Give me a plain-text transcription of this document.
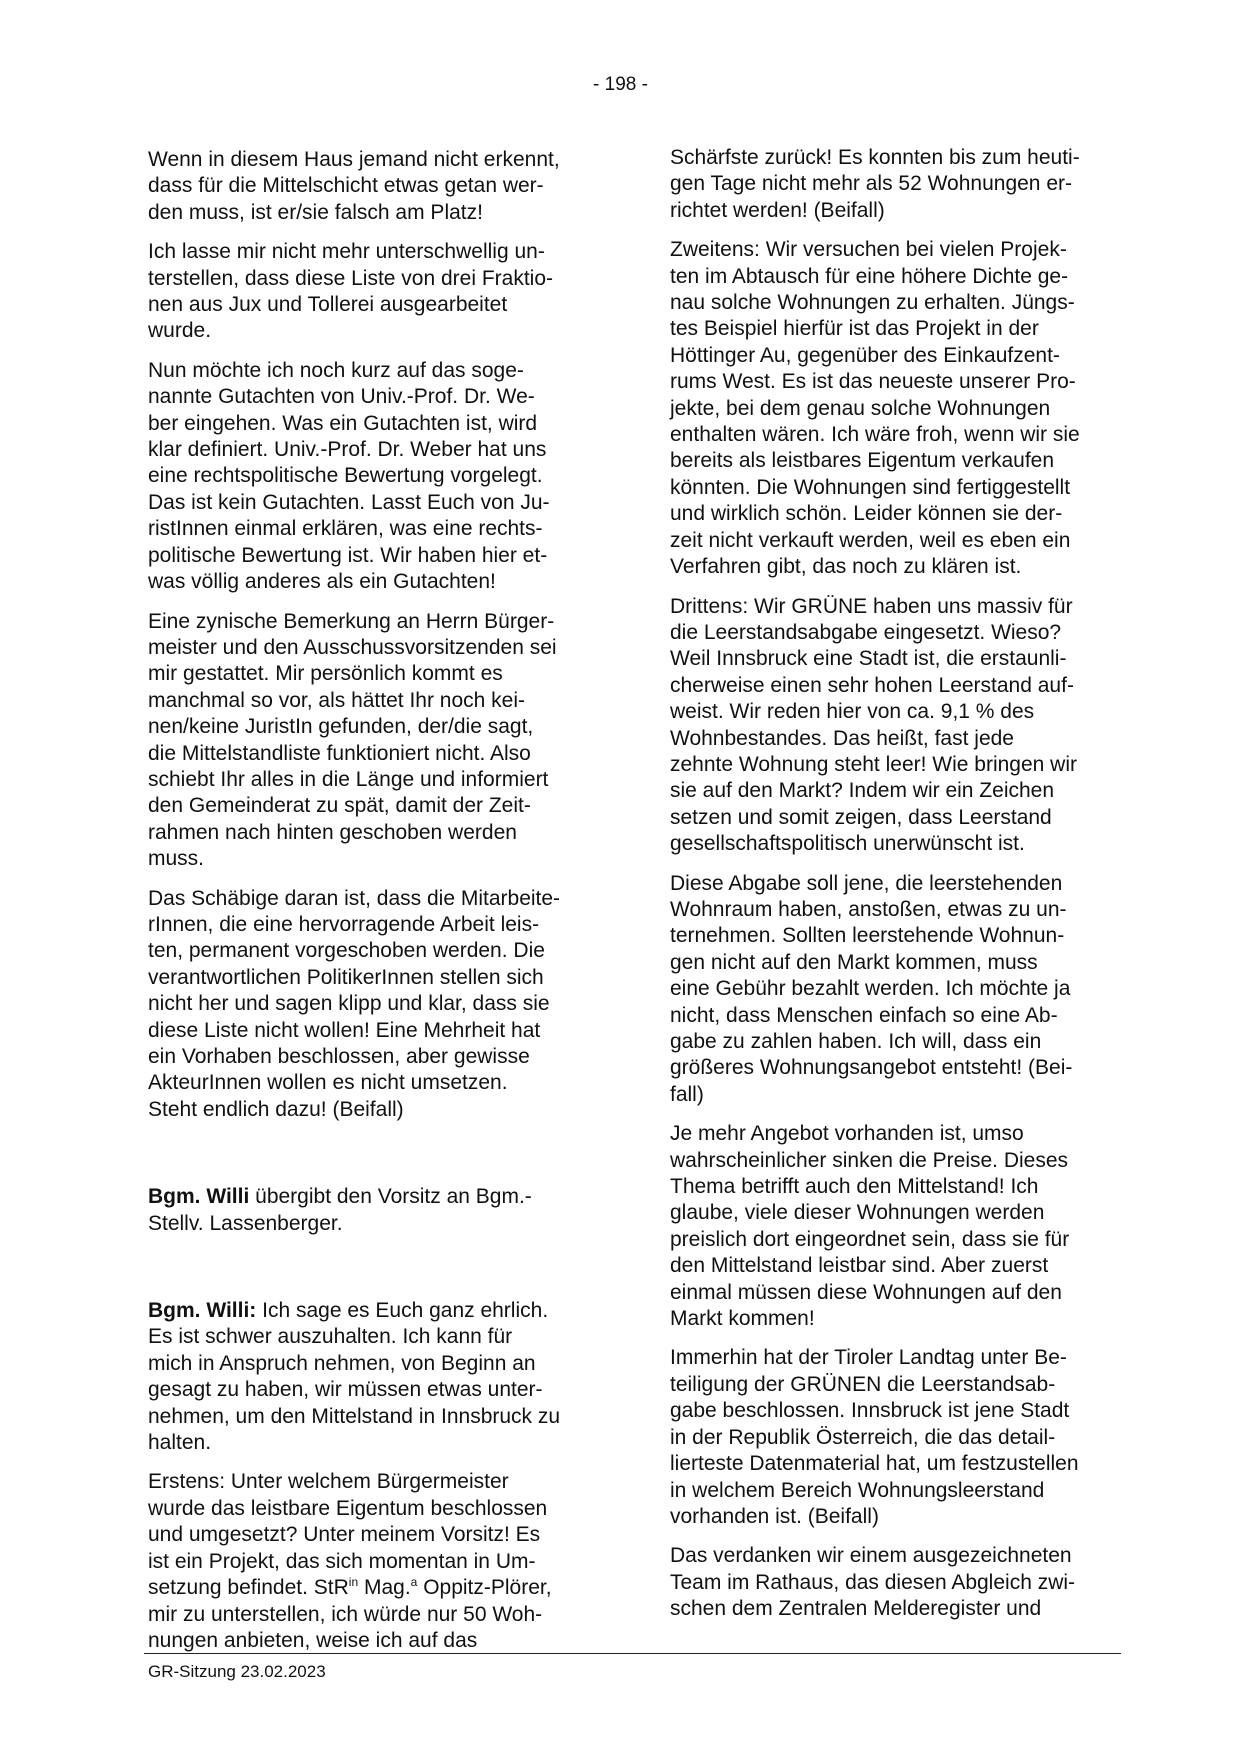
- 198 -

Wenn in diesem Haus jemand nicht erkennt,
dass für die Mittelschicht etwas getan wer-
den muss, ist er/sie falsch am Platz!

Ich lasse mir nicht mehr unterschwellig un-
terstellen, dass diese Liste von drei Fraktio-
nen aus Jux und Tollerei ausgearbeitet
wurde.

Nun möchte ich noch kurz auf das soge-
nannte Gutachten von Univ.-Prof. Dr. We-
ber eingehen. Was ein Gutachten ist, wird
klar definiert. Univ.-Prof. Dr. Weber hat uns
eine rechtspolitische Bewertung vorgelegt.
Das ist kein Gutachten. Lasst Euch von Ju-
ristInnen einmal erklären, was eine rechts-
politische Bewertung ist. Wir haben hier et-
was völlig anderes als ein Gutachten!

Eine zynische Bemerkung an Herrn Bürger-
meister und den Ausschussvorsitzenden sei
mir gestattet. Mir persönlich kommt es
manchmal so vor, als hättet Ihr noch kei-
nen/keine JuristIn gefunden, der/die sagt,
die Mittelstandliste funktioniert nicht. Also
schiebt Ihr alles in die Länge und informiert
den Gemeinderat zu spät, damit der Zeit-
rahmen nach hinten geschoben werden
muss.

Das Schäbige daran ist, dass die Mitarbeite-
rInnen, die eine hervorragende Arbeit leis-
ten, permanent vorgeschoben werden. Die
verantwortlichen PolitikerInnen stellen sich
nicht her und sagen klipp und klar, dass sie
diese Liste nicht wollen! Eine Mehrheit hat
ein Vorhaben beschlossen, aber gewisse
AkteurInnen wollen es nicht umsetzen.
Steht endlich dazu! (Beifall)

Bgm. Willi übergibt den Vorsitz an Bgm.-
Stellv. Lassenberger.

Bgm. Willi: Ich sage es Euch ganz ehrlich.
Es ist schwer auszuhalten. Ich kann für
mich in Anspruch nehmen, von Beginn an
gesagt zu haben, wir müssen etwas unter-
nehmen, um den Mittelstand in Innsbruck zu
halten.

Erstens: Unter welchem Bürgermeister
wurde das leistbare Eigentum beschlossen
und umgesetzt? Unter meinem Vorsitz! Es
ist ein Projekt, das sich momentan in Um-
setzung befindet. StR$^{in}$ Mag.$^a$ Oppitz-Plörer,
mir zu unterstellen, ich würde nur 50 Woh-
nungen anbieten, weise ich auf das

Schärfste zurück! Es konnten bis zum heuti-
gen Tage nicht mehr als 52 Wohnungen er-
richtet werden! (Beifall)

Zweitens: Wir versuchen bei vielen Projek-
ten im Abtausch für eine höhere Dichte ge-
nau solche Wohnungen zu erhalten. Jüngs-
tes Beispiel hierfür ist das Projekt in der
Höttinger Au, gegenüber des Einkaufzent-
rums West. Es ist das neueste unserer Pro-
jekte, bei dem genau solche Wohnungen
enthalten wären. Ich wäre froh, wenn wir sie
bereits als leistbares Eigentum verkaufen
könnten. Die Wohnungen sind fertiggestellt
und wirklich schön. Leider können sie der-
zeit nicht verkauft werden, weil es eben ein
Verfahren gibt, das noch zu klären ist.

Drittens: Wir GRÜNE haben uns massiv für
die Leerstandsabgabe eingesetzt. Wieso?
Weil Innsbruck eine Stadt ist, die erstaunli-
cherweise einen sehr hohen Leerstand auf-
weist. Wir reden hier von ca. 9,1 % des
Wohnbestandes. Das heißt, fast jede
zehnte Wohnung steht leer! Wie bringen wir
sie auf den Markt? Indem wir ein Zeichen
setzen und somit zeigen, dass Leerstand
gesellschaftspolitisch unerwünscht ist.

Diese Abgabe soll jene, die leerstehenden
Wohnraum haben, anstoßen, etwas zu un-
ternehmen. Sollten leerstehende Wohnun-
gen nicht auf den Markt kommen, muss
eine Gebühr bezahlt werden. Ich möchte ja
nicht, dass Menschen einfach so eine Ab-
gabe zu zahlen haben. Ich will, dass ein
größeres Wohnungsangebot entsteht! (Bei-
fall)

Je mehr Angebot vorhanden ist, umso
wahrscheinlicher sinken die Preise. Dieses
Thema betrifft auch den Mittelstand! Ich
glaube, viele dieser Wohnungen werden
preislich dort eingeordnet sein, dass sie für
den Mittelstand leistbar sind. Aber zuerst
einmal müssen diese Wohnungen auf den
Markt kommen!

Immerhin hat der Tiroler Landtag unter Be-
teiligung der GRÜNEN die Leerstandsab-
gabe beschlossen. Innsbruck ist jene Stadt
in der Republik Österreich, die das detail-
lierteste Datenmaterial hat, um festzustellen
in welchem Bereich Wohnungsleerstand
vorhanden ist. (Beifall)

Das verdanken wir einem ausgezeichneten
Team im Rathaus, das diesen Abgleich zwi-
schen dem Zentralen Melderegister und

GR-Sitzung 23.02.2023
